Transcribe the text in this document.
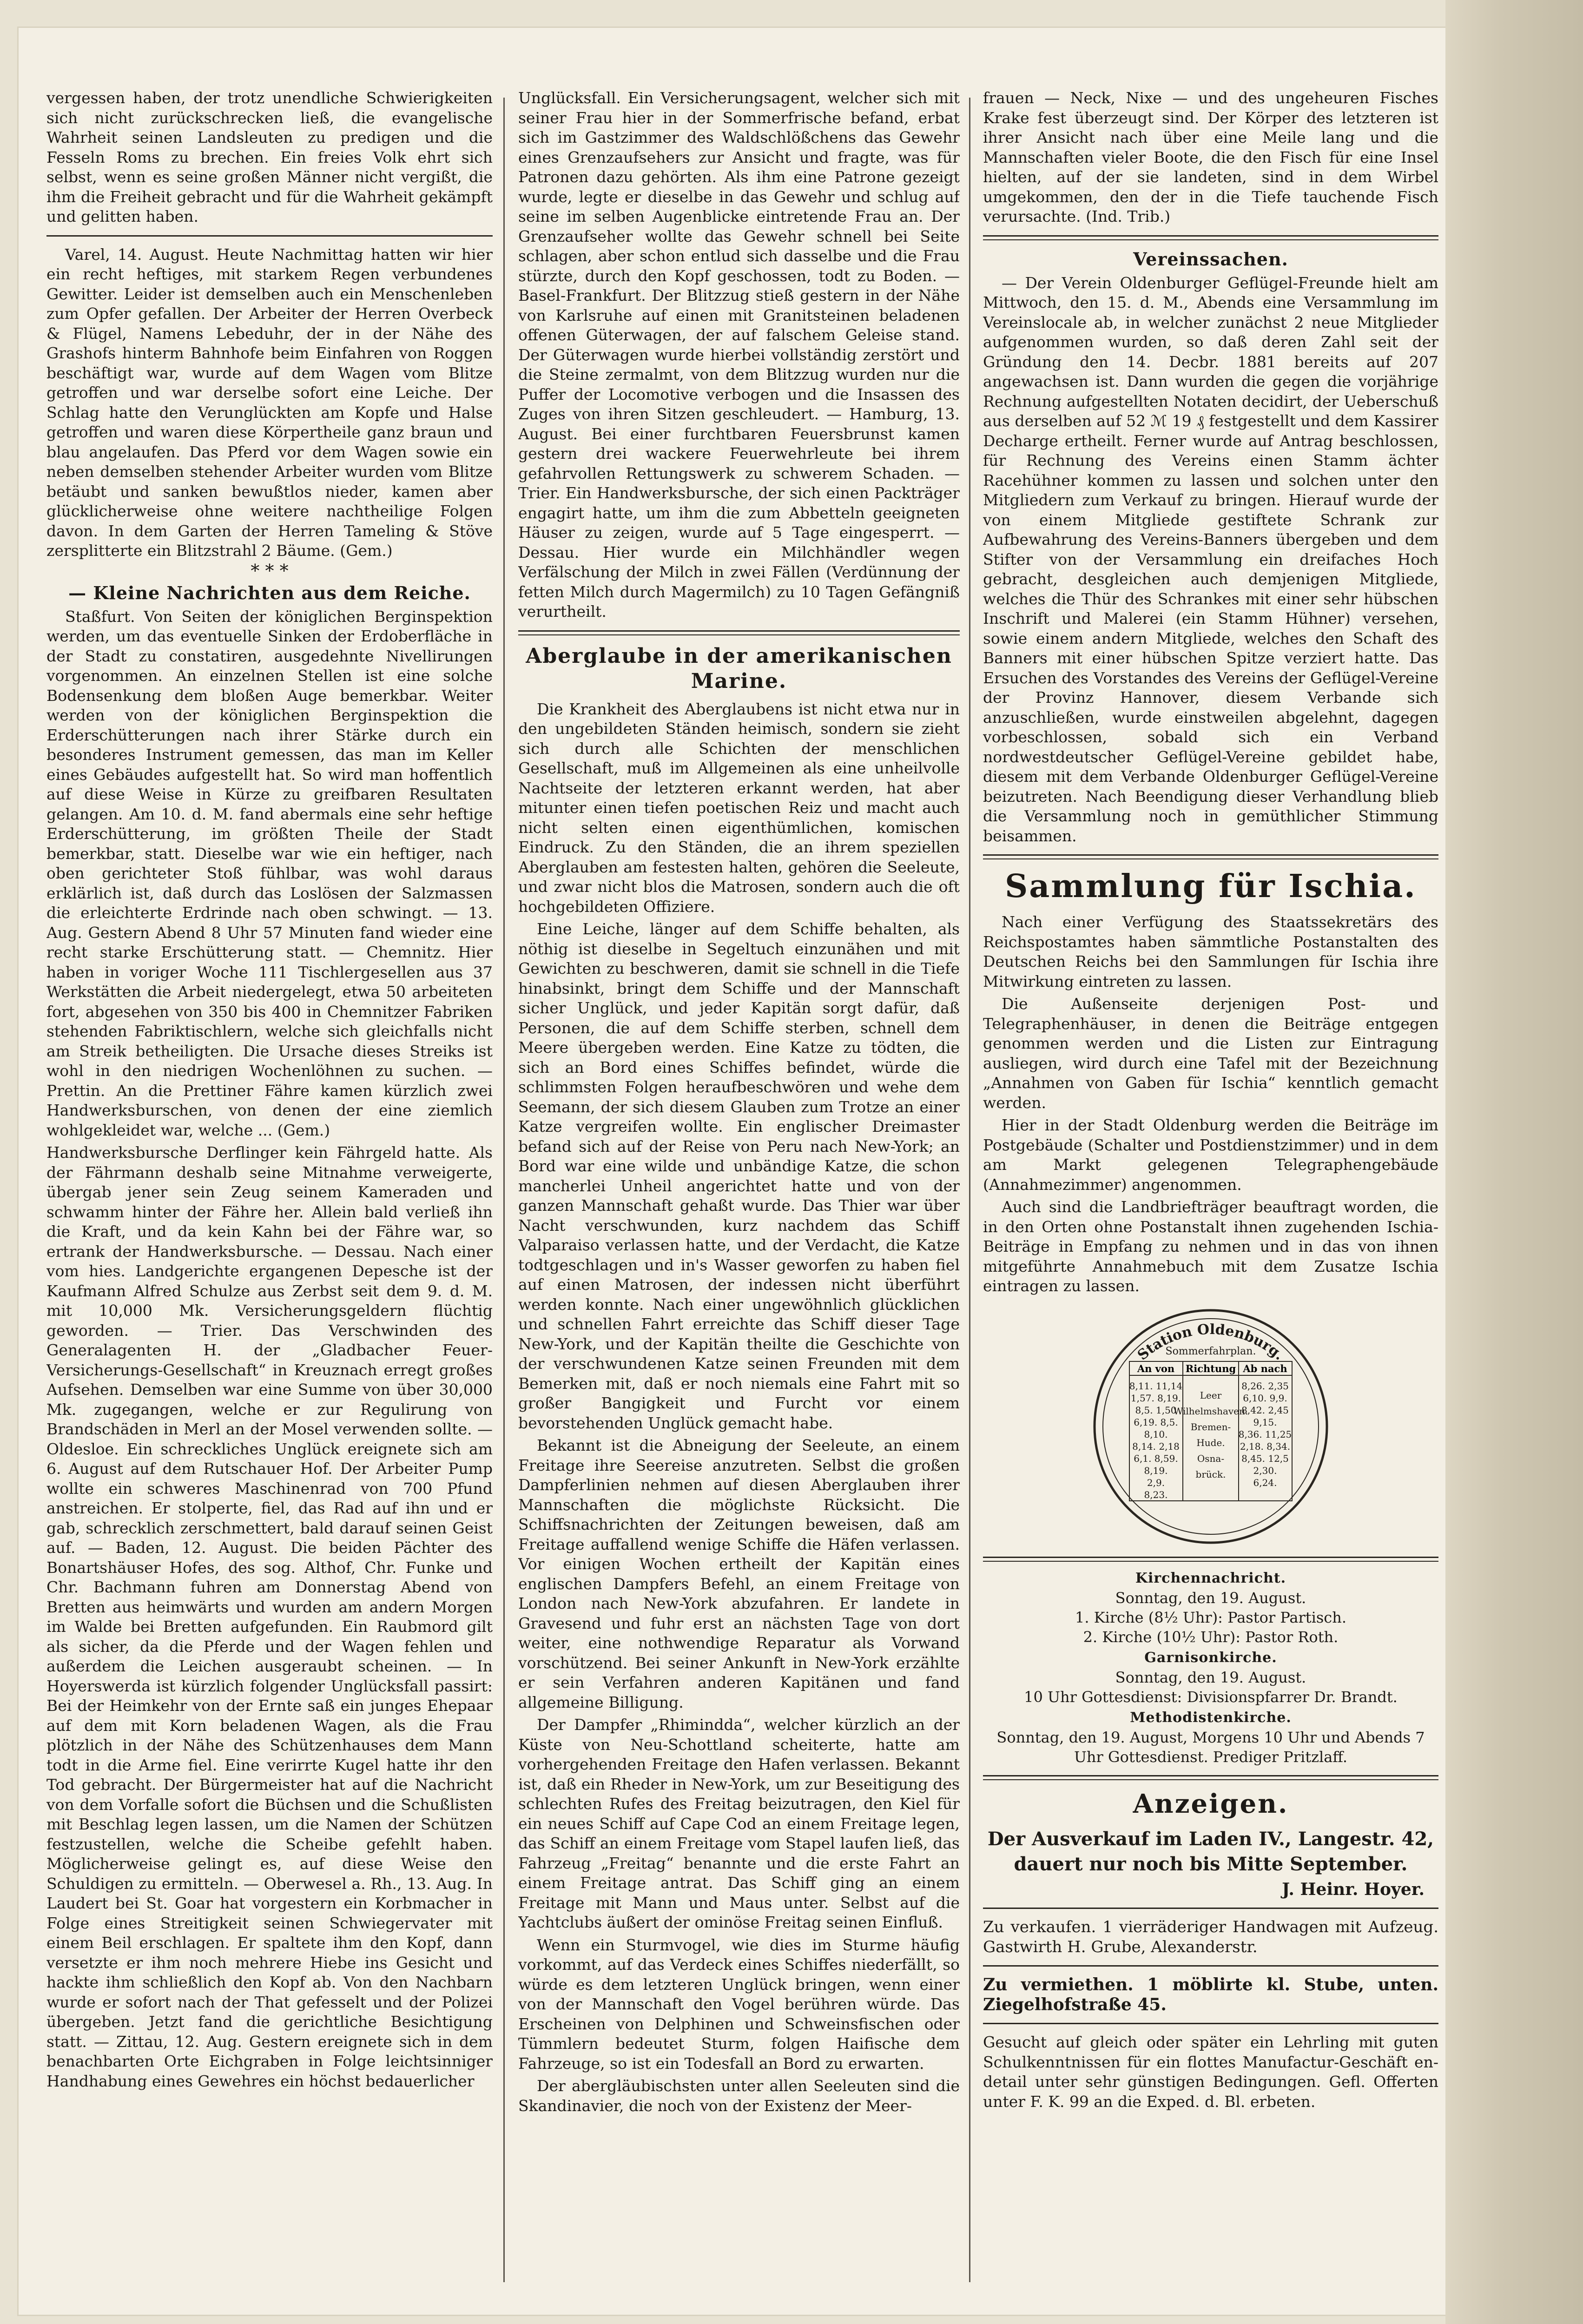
vergessen haben, der trotz unendliche Schwierigkeiten sich nicht zurückschrecken ließ, die evangelische Wahrheit seinen Landsleuten zu predigen und die Fesseln Roms zu brechen. Ein freies Volk ehrt sich selbst, wenn es seine großen Männer nicht vergißt, die ihm die Freiheit gebracht und für die Wahrheit gekämpft und gelitten haben.

Varel, 14. August. Heute Nachmittag hatten wir hier ein recht heftiges, mit starkem Regen verbundenes Gewitter. Leider ist demselben auch ein Menschenleben zum Opfer gefallen. Der Arbeiter der Herren Overbeck & Flügel, Namens Lebeduhr, der in der Nähe des Grashofs hinterm Bahnhofe beim Einfahren von Roggen beschäftigt war, wurde auf dem Wagen vom Blitze getroffen und war derselbe sofort eine Leiche. Der Schlag hatte den Verunglückten am Kopfe und Halse getroffen und waren diese Körpertheile ganz braun und blau angelaufen. Das Pferd vor dem Wagen sowie ein neben demselben stehender Arbeiter wurden vom Blitze betäubt und sanken bewußtlos nieder, kamen aber glücklicherweise ohne weitere nachtheilige Folgen davon. In dem Garten der Herren Tameling & Stöve zersplitterte ein Blitzstrahl 2 Bäume. (Gem.)

* * *
— Kleine Nachrichten aus dem Reiche.

Staßfurt. Von Seiten der königlichen Berginspektion werden, um das eventuelle Sinken der Erdoberfläche in der Stadt zu constatiren, ausgedehnte Nivellirungen vorgenommen. An einzelnen Stellen ist eine solche Bodensenkung dem bloßen Auge bemerkbar. Weiter werden von der königlichen Berginspektion die Erderschütterungen nach ihrer Stärke durch ein besonderes Instrument gemessen, das man im Keller eines Gebäudes aufgestellt hat. So wird man hoffentlich auf diese Weise in Kürze zu greifbaren Resultaten gelangen. Am 10. d. M. fand abermals eine sehr heftige Erderschütterung, im größten Theile der Stadt bemerkbar, statt. Dieselbe war wie ein heftiger, nach oben gerichteter Stoß fühlbar, was wohl daraus erklärlich ist, daß durch das Loslösen der Salzmassen die erleichterte Erdrinde nach oben schwingt. — 13. Aug. Gestern Abend 8 Uhr 57 Minuten fand wieder eine recht starke Erschütterung statt. — Chemnitz. Hier haben in voriger Woche 111 Tischlergesellen aus 37 Werkstätten die Arbeit niedergelegt, etwa 50 arbeiteten fort, abgesehen von 350 bis 400 in Chemnitzer Fabriken stehenden Fabriktischlern, welche sich gleichfalls nicht am Streik betheiligten. Die Ursache dieses Streiks ist wohl in den niedrigen Wochenlöhnen zu suchen. — Prettin. An die Prettiner Fähre kamen kürzlich zwei Handwerksburschen, von denen der eine ziemlich wohlgekleidet war, welche ... (Gem.)

Handwerksbursche Derflinger kein Fährgeld hatte. Als der Fährmann deshalb seine Mitnahme verweigerte, übergab jener sein Zeug seinem Kameraden und schwamm hinter der Fähre her. Allein bald verließ ihn die Kraft, und da kein Kahn bei der Fähre war, so ertrank der Handwerksbursche. — Dessau. Nach einer vom hies. Landgerichte ergangenen Depesche ist der Kaufmann Alfred Schulze aus Zerbst seit dem 9. d. M. mit 10,000 Mk. Versicherungsgeldern flüchtig geworden. — Trier. Das Verschwinden des Generalagenten H. der „Gladbacher Feuer-Versicherungs-Gesellschaft“ in Kreuznach erregt großes Aufsehen. Demselben war eine Summe von über 30,000 Mk. zugegangen, welche er zur Regulirung von Brandschäden in Merl an der Mosel verwenden sollte. — Oldesloe. Ein schreckliches Unglück ereignete sich am 6. August auf dem Rutschauer Hof. Der Arbeiter Pump wollte ein schweres Maschinenrad von 700 Pfund anstreichen. Er stolperte, fiel, das Rad auf ihn und er gab, schrecklich zerschmettert, bald darauf seinen Geist auf. — Baden, 12. August. Die beiden Pächter des Bonartshäuser Hofes, des sog. Althof, Chr. Funke und Chr. Bachmann fuhren am Donnerstag Abend von Bretten aus heimwärts und wurden am andern Morgen im Walde bei Bretten aufgefunden. Ein Raubmord gilt als sicher, da die Pferde und der Wagen fehlen und außerdem die Leichen ausgeraubt scheinen. — In Hoyerswerda ist kürzlich folgender Unglücksfall passirt: Bei der Heimkehr von der Ernte saß ein junges Ehepaar auf dem mit Korn beladenen Wagen, als die Frau plötzlich in der Nähe des Schützenhauses dem Mann todt in die Arme fiel. Eine verirrte Kugel hatte ihr den Tod gebracht. Der Bürgermeister hat auf die Nachricht von dem Vorfalle sofort die Büchsen und die Schußlisten mit Beschlag legen lassen, um die Namen der Schützen festzustellen, welche die Scheibe gefehlt haben. Möglicherweise gelingt es, auf diese Weise den Schuldigen zu ermitteln. — Oberwesel a. Rh., 13. Aug. In Laudert bei St. Goar hat vorgestern ein Korbmacher in Folge eines Streitigkeit seinen Schwiegervater mit einem Beil erschlagen. Er spaltete ihm den Kopf, dann versetzte er ihm noch mehrere Hiebe ins Gesicht und hackte ihm schließlich den Kopf ab. Von den Nachbarn wurde er sofort nach der That gefesselt und der Polizei übergeben. Jetzt fand die gerichtliche Besichtigung statt. — Zittau, 12. Aug. Gestern ereignete sich in dem benachbarten Orte Eichgraben in Folge leichtsinniger Handhabung eines Gewehres ein höchst bedauerlicher

Unglücksfall. Ein Versicherungsagent, welcher sich mit seiner Frau hier in der Sommerfrische befand, erbat sich im Gastzimmer des Waldschlößchens das Gewehr eines Grenzaufsehers zur Ansicht und fragte, was für Patronen dazu gehörten. Als ihm eine Patrone gezeigt wurde, legte er dieselbe in das Gewehr und schlug auf seine im selben Augenblicke eintretende Frau an. Der Grenzaufseher wollte das Gewehr schnell bei Seite schlagen, aber schon entlud sich dasselbe und die Frau stürzte, durch den Kopf geschossen, todt zu Boden. — Basel-Frankfurt. Der Blitzzug stieß gestern in der Nähe von Karlsruhe auf einen mit Granitsteinen beladenen offenen Güterwagen, der auf falschem Geleise stand. Der Güterwagen wurde hierbei vollständig zerstört und die Steine zermalmt, von dem Blitzzug wurden nur die Puffer der Locomotive verbogen und die Insassen des Zuges von ihren Sitzen geschleudert. — Hamburg, 13. August. Bei einer furchtbaren Feuersbrunst kamen gestern drei wackere Feuerwehrleute bei ihrem gefahrvollen Rettungswerk zu schwerem Schaden. — Trier. Ein Handwerksbursche, der sich einen Packträger engagirt hatte, um ihm die zum Abbetteln geeigneten Häuser zu zeigen, wurde auf 5 Tage eingesperrt. — Dessau. Hier wurde ein Milchhändler wegen Verfälschung der Milch in zwei Fällen (Verdünnung der fetten Milch durch Magermilch) zu 10 Tagen Gefängniß verurtheilt.

Aberglaube in der amerikanischen Marine.

Die Krankheit des Aberglaubens ist nicht etwa nur in den ungebildeten Ständen heimisch, sondern sie zieht sich durch alle Schichten der menschlichen Gesellschaft, muß im Allgemeinen als eine unheilvolle Nachtseite der letzteren erkannt werden, hat aber mitunter einen tiefen poetischen Reiz und macht auch nicht selten einen eigenthümlichen, komischen Eindruck. Zu den Ständen, die an ihrem speziellen Aberglauben am festesten halten, gehören die Seeleute, und zwar nicht blos die Matrosen, sondern auch die oft hochgebildeten Offiziere.

Eine Leiche, länger auf dem Schiffe behalten, als nöthig ist dieselbe in Segeltuch einzunähen und mit Gewichten zu beschweren, damit sie schnell in die Tiefe hinabsinkt, bringt dem Schiffe und der Mannschaft sicher Unglück, und jeder Kapitän sorgt dafür, daß Personen, die auf dem Schiffe sterben, schnell dem Meere übergeben werden. Eine Katze zu tödten, die sich an Bord eines Schiffes befindet, würde die schlimmsten Folgen heraufbeschwören und wehe dem Seemann, der sich diesem Glauben zum Trotze an einer Katze vergreifen wollte. Ein englischer Dreimaster befand sich auf der Reise von Peru nach New-York; an Bord war eine wilde und unbändige Katze, die schon mancherlei Unheil angerichtet hatte und von der ganzen Mannschaft gehaßt wurde. Das Thier war über Nacht verschwunden, kurz nachdem das Schiff Valparaiso verlassen hatte, und der Verdacht, die Katze todtgeschlagen und in's Wasser geworfen zu haben fiel auf einen Matrosen, der indessen nicht überführt werden konnte. Nach einer ungewöhnlich glücklichen und schnellen Fahrt erreichte das Schiff dieser Tage New-York, und der Kapitän theilte die Geschichte von der verschwundenen Katze seinen Freunden mit dem Bemerken mit, daß er noch niemals eine Fahrt mit so großer Bangigkeit und Furcht vor einem bevorstehenden Unglück gemacht habe.

Bekannt ist die Abneigung der Seeleute, an einem Freitage ihre Seereise anzutreten. Selbst die großen Dampferlinien nehmen auf diesen Aberglauben ihrer Mannschaften die möglichste Rücksicht. Die Schiffsnachrichten der Zeitungen beweisen, daß am Freitage auffallend wenige Schiffe die Häfen verlassen. Vor einigen Wochen ertheilt der Kapitän eines englischen Dampfers Befehl, an einem Freitage von London nach New-York abzufahren. Er landete in Gravesend und fuhr erst an nächsten Tage von dort weiter, eine nothwendige Reparatur als Vorwand vorschützend. Bei seiner Ankunft in New-York erzählte er sein Verfahren anderen Kapitänen und fand allgemeine Billigung.

Der Dampfer „Rhimindda“, welcher kürzlich an der Küste von Neu-Schottland scheiterte, hatte am vorhergehenden Freitage den Hafen verlassen. Bekannt ist, daß ein Rheder in New-York, um zur Beseitigung des schlechten Rufes des Freitag beizutragen, den Kiel für ein neues Schiff auf Cape Cod an einem Freitage legen, das Schiff an einem Freitage vom Stapel laufen ließ, das Fahrzeug „Freitag“ benannte und die erste Fahrt an einem Freitage antrat. Das Schiff ging an einem Freitage mit Mann und Maus unter. Selbst auf die Yachtclubs äußert der ominöse Freitag seinen Einfluß.

Wenn ein Sturmvogel, wie dies im Sturme häufig vorkommt, auf das Verdeck eines Schiffes niederfällt, so würde es dem letzteren Unglück bringen, wenn einer von der Mannschaft den Vogel berühren würde. Das Erscheinen von Delphinen und Schweinsfischen oder Tümmlern bedeutet Sturm, folgen Haifische dem Fahrzeuge, so ist ein Todesfall an Bord zu erwarten.

Der abergläubischsten unter allen Seeleuten sind die Skandinavier, die noch von der Existenz der Meer-

frauen — Neck, Nixe — und des ungeheuren Fisches Krake fest überzeugt sind. Der Körper des letzteren ist ihrer Ansicht nach über eine Meile lang und die Mannschaften vieler Boote, die den Fisch für eine Insel hielten, auf der sie landeten, sind in dem Wirbel umgekommen, den der in die Tiefe tauchende Fisch verursachte. (Ind. Trib.)

Vereinssachen.

— Der Verein Oldenburger Geflügel-Freunde hielt am Mittwoch, den 15. d. M., Abends eine Versammlung im Vereinslocale ab, in welcher zunächst 2 neue Mitglieder aufgenommen wurden, so daß deren Zahl seit der Gründung den 14. Decbr. 1881 bereits auf 207 angewachsen ist. Dann wurden die gegen die vorjährige Rechnung aufgestellten Notaten decidirt, der Ueberschuß aus derselben auf 52 ℳ 19 ₰ festgestellt und dem Kassirer Decharge ertheilt. Ferner wurde auf Antrag beschlossen, für Rechnung des Vereins einen Stamm ächter Racehühner kommen zu lassen und solchen unter den Mitgliedern zum Verkauf zu bringen. Hierauf wurde der von einem Mitgliede gestiftete Schrank zur Aufbewahrung des Vereins-Banners übergeben und dem Stifter von der Versammlung ein dreifaches Hoch gebracht, desgleichen auch demjenigen Mitgliede, welches die Thür des Schrankes mit einer sehr hübschen Inschrift und Malerei (ein Stamm Hühner) versehen, sowie einem andern Mitgliede, welches den Schaft des Banners mit einer hübschen Spitze verziert hatte. Das Ersuchen des Vorstandes des Vereins der Geflügel-Vereine der Provinz Hannover, diesem Verbande sich anzuschließen, wurde einstweilen abgelehnt, dagegen vorbeschlossen, sobald sich ein Verband nordwestdeutscher Geflügel-Vereine gebildet habe, diesem mit dem Verbande Oldenburger Geflügel-Vereine beizutreten. Nach Beendigung dieser Verhandlung blieb die Versammlung noch in gemüthlicher Stimmung beisammen.

Sammlung für Ischia.

Nach einer Verfügung des Staatssekretärs des Reichspostamtes haben sämmtliche Postanstalten des Deutschen Reichs bei den Sammlungen für Ischia ihre Mitwirkung eintreten zu lassen.

Die Außenseite derjenigen Post- und Telegraphenhäuser, in denen die Beiträge entgegen genommen werden und die Listen zur Eintragung ausliegen, wird durch eine Tafel mit der Bezeichnung „Annahmen von Gaben für Ischia“ kenntlich gemacht werden.

Hier in der Stadt Oldenburg werden die Beiträge im Postgebäude (Schalter und Postdienstzimmer) und in dem am Markt gelegenen Telegraphengebäude (Annahmezimmer) angenommen.

Auch sind die Landbriefträger beauftragt worden, die in den Orten ohne Postanstalt ihnen zugehenden Ischia-Beiträge in Empfang zu nehmen und in das von ihnen mitgeführte Annahmebuch mit dem Zusatze Ischia eintragen zu lassen.

Station Oldenburg.
Sommerfahrplan.
An von Richtung Ab nach
8,11. 11,14
1,57. 8,19.
8,5. 1,50
6,19. 8,5.
8,10.
8,14. 2,18
6,1. 8,59.
8,19.
2,9.
8,23.
Leer
Wilhelmshaven.
Bremen-
Hude.
Osna-
brück.
8,26. 2,35
6,10. 9,9.
8,42. 2,45
9,15.
8,36. 11,25
2,18. 8,34.
8,45. 12,5
2,30.
6,24.
Kirchennachricht.

Sonntag, den 19. August.

1. Kirche (8½ Uhr): Pastor Partisch.

2. Kirche (10½ Uhr): Pastor Roth.

Garnisonkirche.

Sonntag, den 19. August.

10 Uhr Gottesdienst: Divisionspfarrer Dr. Brandt.

Methodistenkirche.

Sonntag, den 19. August, Morgens 10 Uhr und Abends 7 Uhr Gottesdienst. Prediger Pritzlaff.

Anzeigen.

Der Ausverkauf im Laden IV., Langestr. 42, dauert nur noch bis Mitte September.

J. Heinr. Hoyer.

Zu verkaufen. 1 vierräderiger Handwagen mit Aufzeug. Gastwirth H. Grube, Alexanderstr.

Zu vermiethen. 1 möblirte kl. Stube, unten. Ziegelhofstraße 45.

Gesucht auf gleich oder später ein Lehrling mit guten Schulkenntnissen für ein flottes Manufactur-Geschäft en-detail unter sehr günstigen Bedingungen. Gefl. Offerten unter F. K. 99 an die Exped. d. Bl. erbeten.
